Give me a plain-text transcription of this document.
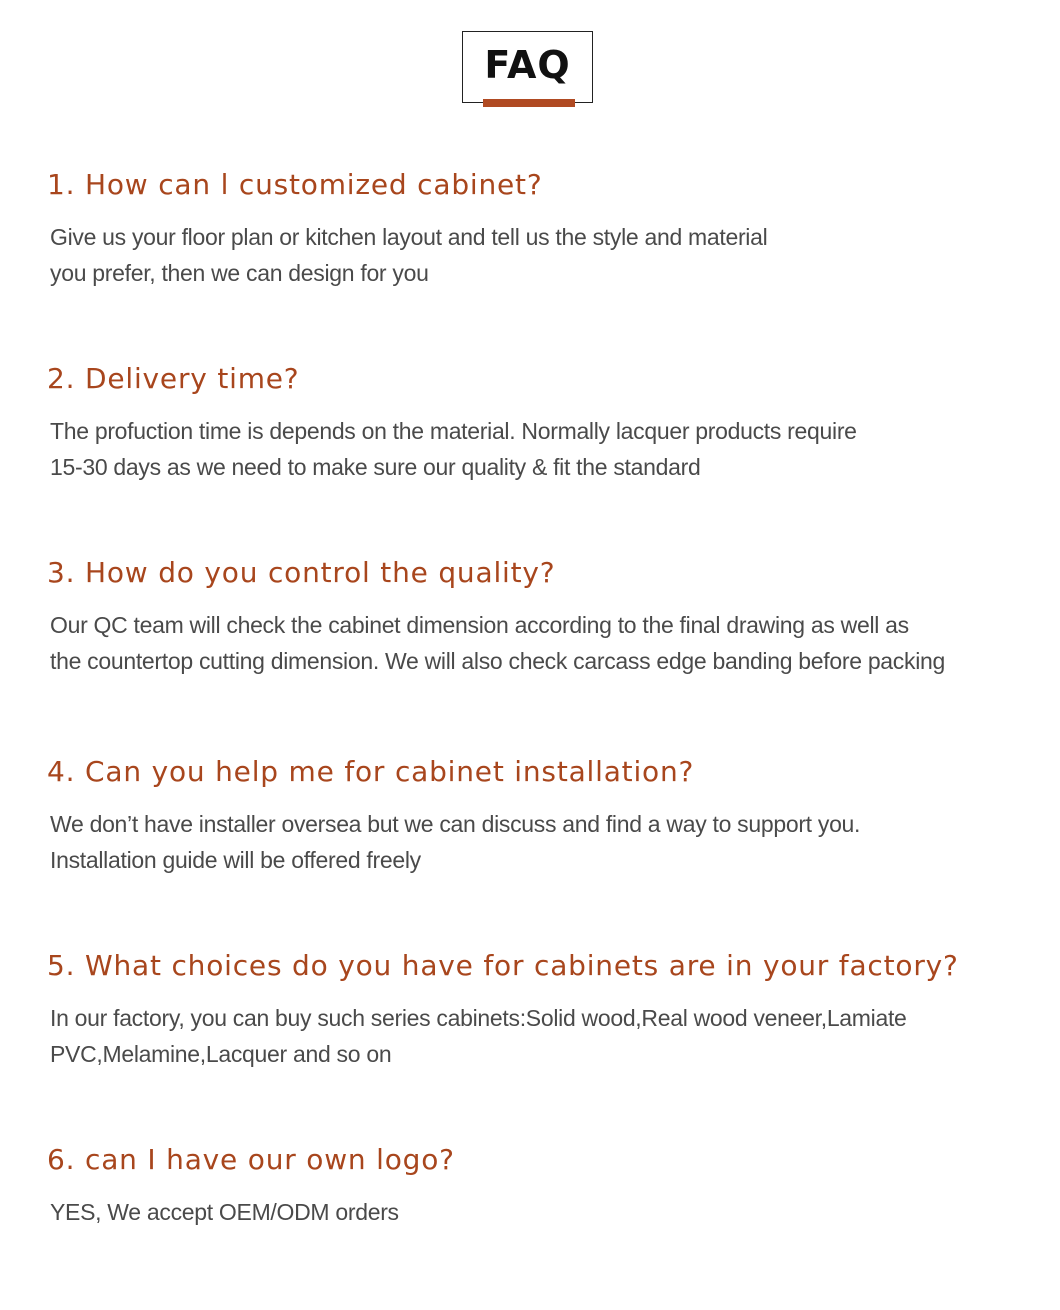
FAQ

1. How can l customized cabinet?

Give us your floor plan or kitchen layout and tell us the style and material
you prefer, then we can design for you

2. Delivery time?

The profuction time is depends on the material. Normally lacquer products require
15-30 days as we need to make sure our quality & fit the standard

3. How do you control the quality?

Our QC team will check the cabinet dimension according to the final drawing as well as
the countertop cutting dimension. We will also check carcass edge banding before packing

4. Can you help me for cabinet installation?

We don’t have installer oversea but we can discuss and find a way to support you.
Installation guide will be offered freely

5. What choices do you have for cabinets are in your factory?

In our factory, you can buy such series cabinets:Solid wood,Real wood veneer,Lamiate
PVC,Melamine,Lacquer and so on

6. can I have our own logo?

YES, We accept OEM/ODM orders
